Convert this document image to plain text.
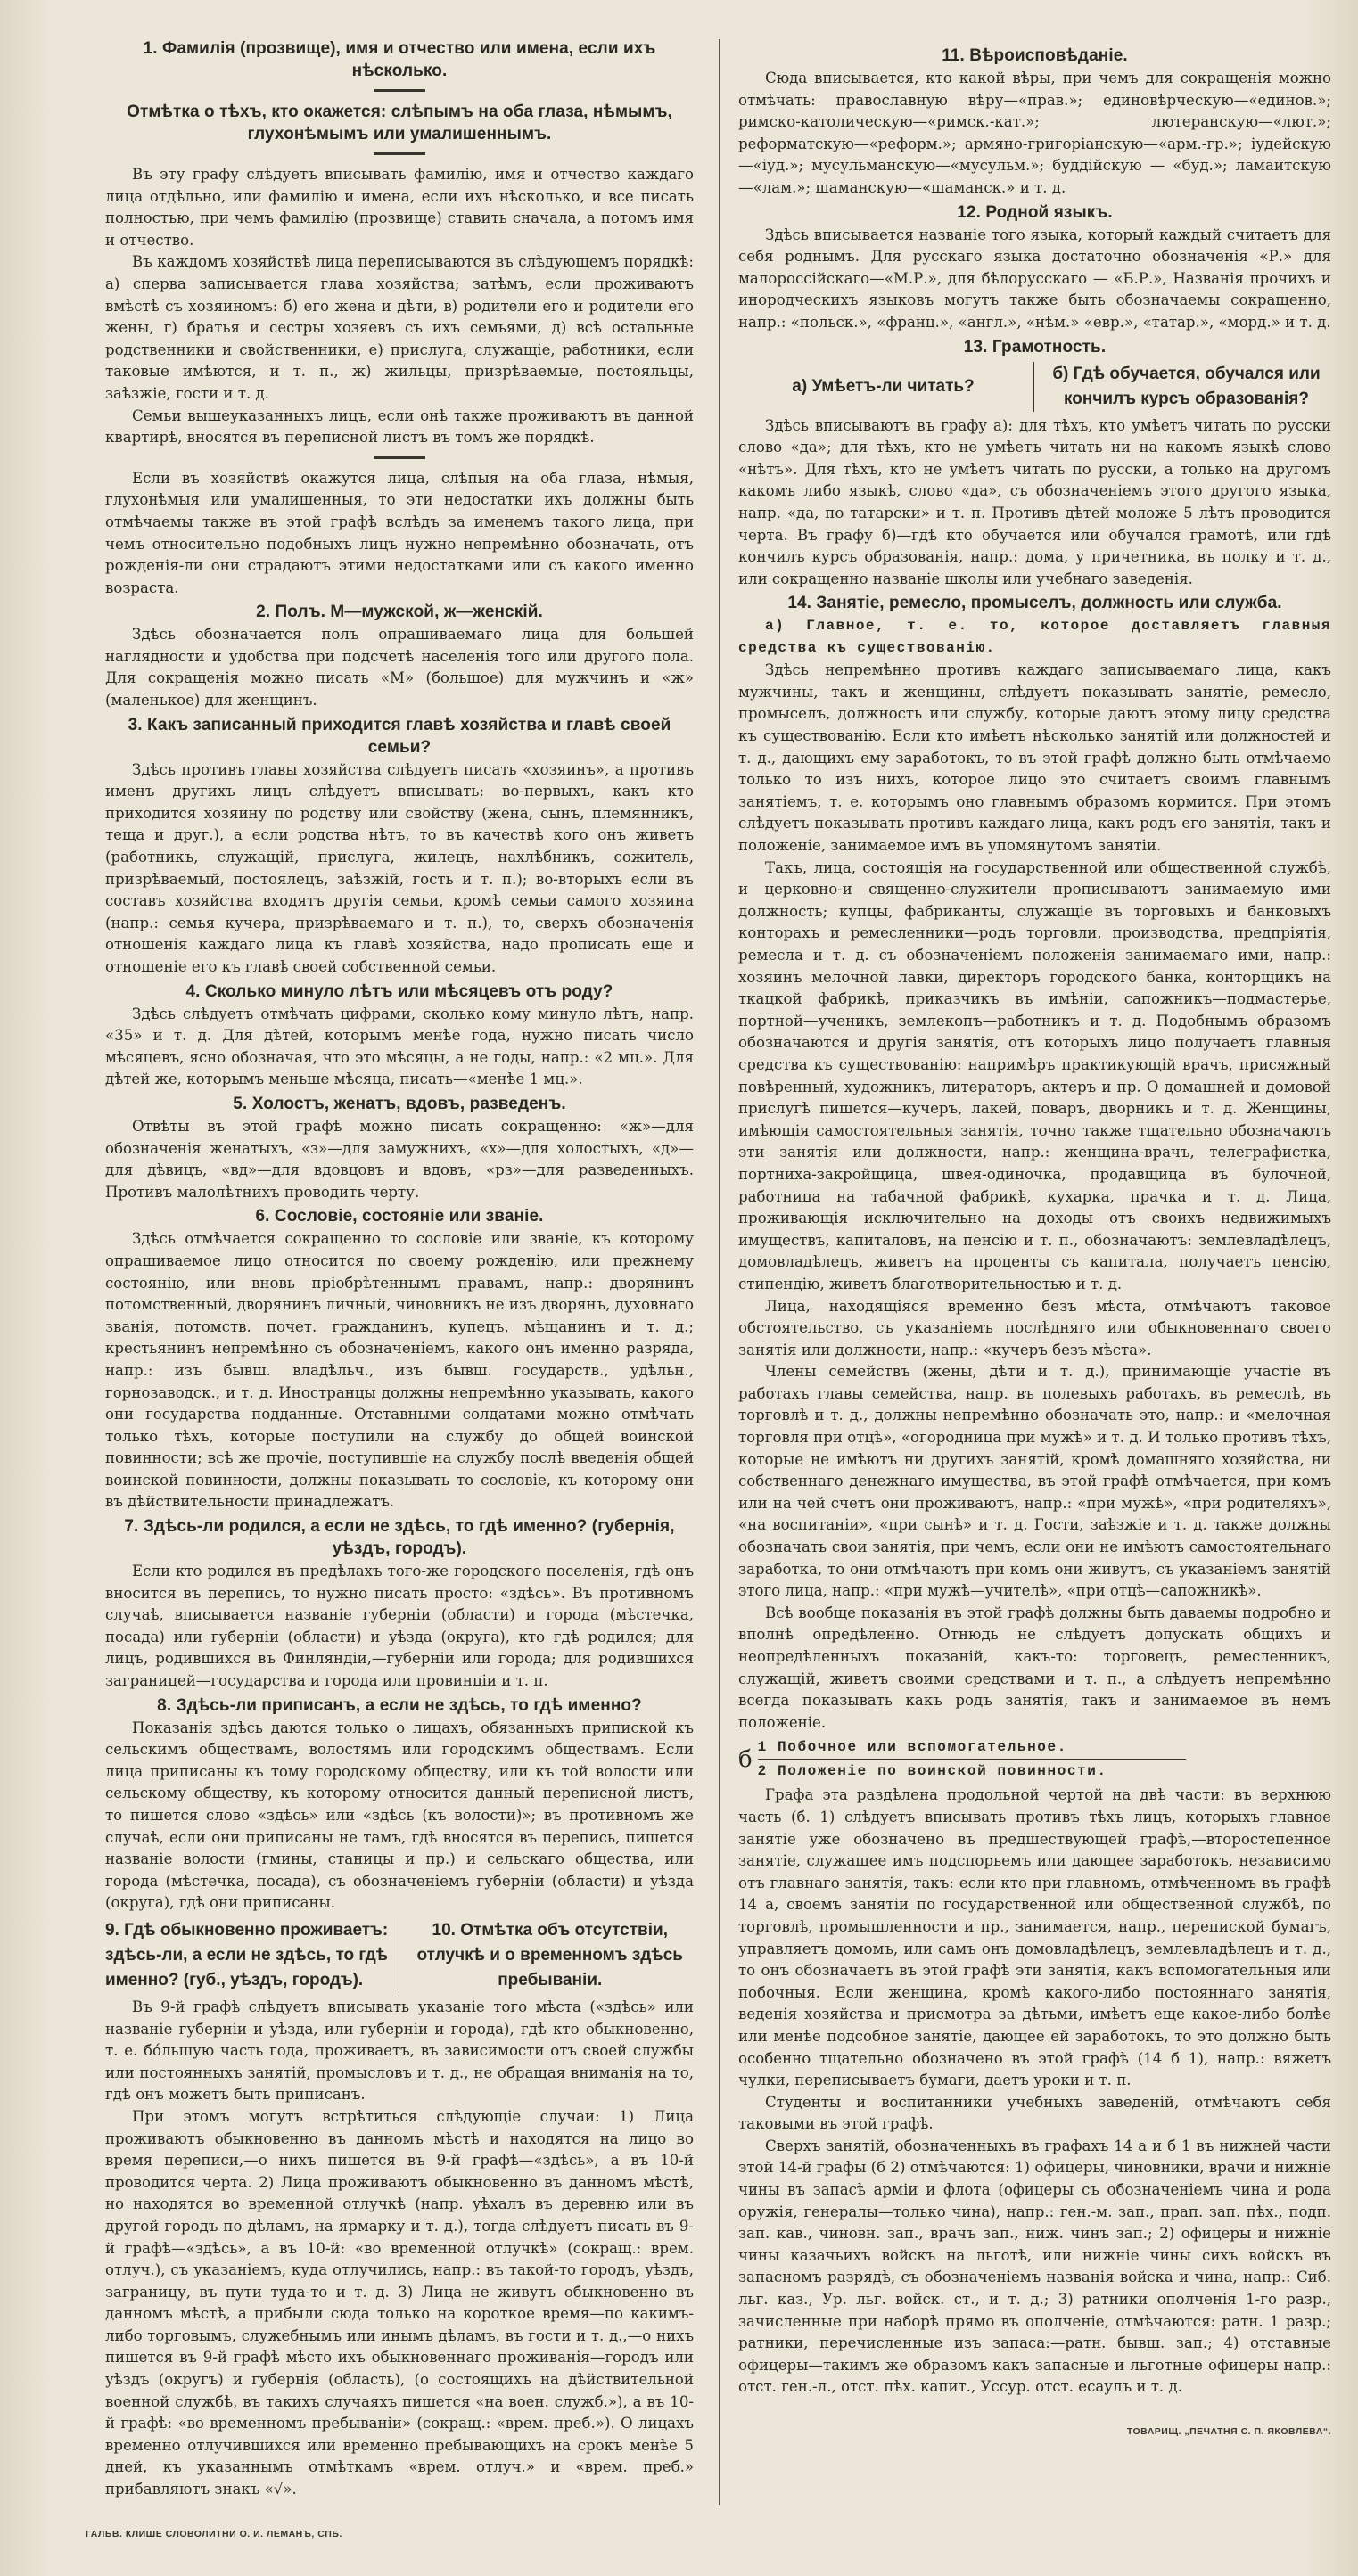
1. Фамилія (прозвище), имя и отчество или имена, если ихъ нѣсколько.
Отмѣтка о тѣхъ, кто окажется: слѣпымъ на оба глаза, нѣмымъ, глухонѣмымъ или умалишеннымъ.

Въ эту графу слѣдуетъ вписывать фамилію, имя и отчество каждаго лица отдѣльно, или фамилію и имена, если ихъ нѣсколько, и все писать полностью, при чемъ фамилію (прозвище) ставить сначала, а потомъ имя и отчество.

Въ каждомъ хозяйствѣ лица переписываются въ слѣдующемъ порядкѣ: а) сперва записывается глава хозяйства; затѣмъ, если проживаютъ вмѣстѣ съ хозяиномъ: б) его жена и дѣти, в) родители его и родители его жены, г) братья и сестры хозяевъ съ ихъ семьями, д) всѣ остальные родственники и свойственники, е) прислуга, служащіе, работники, если таковые имѣются, и т. п., ж) жильцы, призрѣваемые, постояльцы, заѣзжіе, гости и т. д.

Семьи вышеуказанныхъ лицъ, если онѣ также проживаютъ въ данной квартирѣ, вносятся въ переписной листъ въ томъ же порядкѣ.

Если въ хозяйствѣ окажутся лица, слѣпыя на оба глаза, нѣмыя, глухонѣмыя или умалишенныя, то эти недостатки ихъ должны быть отмѣчаемы также въ этой графѣ вслѣдъ за именемъ такого лица, при чемъ относительно подобныхъ лицъ нужно непремѣнно обозначать, отъ рожденія-ли они страдаютъ этими недостатками или съ какого именно возраста.

2. Полъ. М—мужской, ж—женскій.

Здѣсь обозначается полъ опрашиваемаго лица для большей наглядности и удобства при подсчетѣ населенія того или другого пола. Для сокращенія можно писать «М» (большое) для мужчинъ и «ж» (маленькое) для женщинъ.

3. Какъ записанный приходится главѣ хозяйства и главѣ своей семьи?

Здѣсь противъ главы хозяйства слѣдуетъ писать «хозяинъ», а противъ именъ другихъ лицъ слѣдуетъ вписывать: во-первыхъ, какъ кто приходится хозяину по родству или свойству (жена, сынъ, племянникъ, теща и друг.), а если родства нѣтъ, то въ качествѣ кого онъ живетъ (работникъ, служащій, прислуга, жилецъ, нахлѣбникъ, сожитель, призрѣваемый, постоялецъ, заѣзжій, гость и т. п.); во-вторыхъ если въ составъ хозяйства входятъ другія семьи, кромѣ семьи самого хозяина (напр.: семья кучера, призрѣваемаго и т. п.), то, сверхъ обозначенія отношенія каждаго лица къ главѣ хозяйства, надо прописать еще и отношеніе его къ главѣ своей собственной семьи.

4. Сколько минуло лѣтъ или мѣсяцевъ отъ роду?

Здѣсь слѣдуетъ отмѣчать цифрами, сколько кому минуло лѣтъ, напр. «35» и т. д. Для дѣтей, которымъ менѣе года, нужно писать число мѣсяцевъ, ясно обозначая, что это мѣсяцы, а не годы, напр.: «2 мц.». Для дѣтей же, которымъ меньше мѣсяца, писать—«менѣе 1 мц.».

5. Холостъ, женатъ, вдовъ, разведенъ.

Отвѣты въ этой графѣ можно писать сокращенно: «ж»—для обозначенія женатыхъ, «з»—для замужнихъ, «х»—для холостыхъ, «д»—для дѣвицъ, «вд»—для вдовцовъ и вдовъ, «рз»—для разведенныхъ. Противъ малолѣтнихъ проводить черту.

6. Сословіе, состояніе или званіе.

Здѣсь отмѣчается сокращенно то сословіе или званіе, къ которому опрашиваемое лицо относится по своему рожденію, или прежнему состоянію, или вновь пріобрѣтеннымъ правамъ, напр.: дворянинъ потомственный, дворянинъ личный, чиновникъ не изъ дворянъ, духовнаго званія, потомств. почет. гражданинъ, купецъ, мѣщанинъ и т. д.; крестьянинъ непремѣнно съ обозначеніемъ, какого онъ именно разряда, напр.: изъ бывш. владѣльч., изъ бывш. государств., удѣльн., горнозаводск., и т. д. Иностранцы должны непремѣнно указывать, какого они государства подданные. Отставными солдатами можно отмѣчать только тѣхъ, которые поступили на службу до общей воинской повинности; всѣ же прочіе, поступившіе на службу послѣ введенія общей воинской повинности, должны показывать то сословіе, къ которому они въ дѣйствительности принадлежатъ.

7. Здѣсь-ли родился, а если не здѣсь, то гдѣ именно? (губернія, уѣздъ, городъ).

Если кто родился въ предѣлахъ того-же городского поселенія, гдѣ онъ вносится въ перепись, то нужно писать просто: «здѣсь». Въ противномъ случаѣ, вписывается названіе губерніи (области) и города (мѣстечка, посада) или губерніи (области) и уѣзда (округа), кто гдѣ родился; для лицъ, родившихся въ Финляндіи,—губерніи или города; для родившихся заграницей—государства и города или провинціи и т. п.

8. Здѣсь-ли приписанъ, а если не здѣсь, то гдѣ именно?

Показанія здѣсь даются только о лицахъ, обязанныхъ припиской къ сельскимъ обществамъ, волостямъ или городскимъ обществамъ. Если лица приписаны къ тому городскому обществу, или къ той волости или сельскому обществу, къ которому относится данный переписной листъ, то пишется слово «здѣсь» или «здѣсь (къ волости)»; въ противномъ же случаѣ, если они приписаны не тамъ, гдѣ вносятся въ перепись, пишется названіе волости (гмины, станицы и пр.) и сельскаго общества, или города (мѣстечка, посада), съ обозначеніемъ губерніи (области) и уѣзда (округа), гдѣ они приписаны.

9. Гдѣ обыкновенно проживаетъ: здѣсь-ли, а если не здѣсь, то гдѣ именно? (губ., уѣздъ, городъ).
10. Отмѣтка объ отсутствіи, отлучкѣ и о временномъ здѣсь пребываніи.

Въ 9-й графѣ слѣдуетъ вписывать указаніе того мѣста («здѣсь» или названіе губерніи и уѣзда, или губерніи и города), гдѣ кто обыкновенно, т. е. бо́льшую часть года, проживаетъ, въ зависимости отъ своей службы или постоянныхъ занятій, промысловъ и т. д., не обращая вниманія на то, гдѣ онъ можетъ быть приписанъ.

При этомъ могутъ встрѣтиться слѣдующіе случаи: 1) Лица проживаютъ обыкновенно въ данномъ мѣстѣ и находятся на лицо во время переписи,—о нихъ пишется въ 9-й графѣ—«здѣсь», а въ 10-й проводится черта. 2) Лица проживаютъ обыкновенно въ данномъ мѣстѣ, но находятся во временной отлучкѣ (напр. уѣхалъ въ деревню или въ другой городъ по дѣламъ, на ярмарку и т. д.), тогда слѣдуетъ писать въ 9-й графѣ—«здѣсь», а въ 10-й: «во временной отлучкѣ» (сокращ.: врем. отлуч.), съ указаніемъ, куда отлучились, напр.: въ такой-то городъ, уѣздъ, заграницу, въ пути туда-то и т. д. 3) Лица не живутъ обыкновенно въ данномъ мѣстѣ, а прибыли сюда только на короткое время—по какимъ-либо торговымъ, служебнымъ или инымъ дѣламъ, въ гости и т. д.,—о нихъ пишется въ 9-й графѣ мѣсто ихъ обыкновеннаго проживанія—городъ или уѣздъ (округъ) и губернія (область), (о состоящихъ на дѣйствительной военной службѣ, въ такихъ случаяхъ пишется «на воен. служб.»), а въ 10-й графѣ: «во временномъ пребываніи» (сокращ.: «врем. преб.»). О лицахъ временно отлучившихся или временно пребывающихъ на срокъ менѣе 5 дней, къ указаннымъ отмѣткамъ «врем. отлуч.» и «врем. преб.» прибавляютъ знакъ «√».

ГАЛЬВ. КЛИШЕ СЛОВОЛИТНИ О. И. ЛЕМАНЪ, СПБ.
11. Вѣроисповѣданіе.

Сюда вписывается, кто какой вѣры, при чемъ для сокращенія можно отмѣчать: православную вѣру—«прав.»; единовѣрческую—«единов.»; римско-католическую—«римск.-кат.»; лютеранскую—«лют.»; реформатскую—«реформ.»; армяно-григоріанскую—«арм.-гр.»; іудейскую—«іуд.»; мусульманскую—«мусульм.»; буддійскую — «буд.»; ламаитскую—«лам.»; шаманскую—«шаманск.» и т. д.

12. Родной языкъ.

Здѣсь вписывается названіе того языка, который каждый считаетъ для себя роднымъ. Для русскаго языка достаточно обозначенія «Р.» для малороссійскаго—«М.Р.», для бѣлорусскаго — «Б.Р.», Названія прочихъ и инородческихъ языковъ могутъ также быть обозначаемы сокращенно, напр.: «польск.», «франц.», «англ.», «нѣм.» «евр.», «татар.», «морд.» и т. д.

13. Грамотность.
а) Умѣетъ-ли читать?
б) Гдѣ обучается, обучался или кончилъ курсъ образованія?

Здѣсь вписываютъ въ графу а): для тѣхъ, кто умѣетъ читать по русски слово «да»; для тѣхъ, кто не умѣетъ читать ни на какомъ языкѣ слово «нѣтъ». Для тѣхъ, кто не умѣетъ читать по русски, а только на другомъ какомъ либо языкѣ, слово «да», съ обозначеніемъ этого другого языка, напр. «да, по татарски» и т. п. Противъ дѣтей моложе 5 лѣтъ проводится черта. Въ графу б)—гдѣ кто обучается или обучался грамотѣ, или гдѣ кончилъ курсъ образованія, напр.: дома, у причетника, въ полку и т. д., или сокращенно названіе школы или учебнаго заведенія.

14. Занятіе, ремесло, промыселъ, должность или служба.

а) Главное, т. е. то, которое доставляетъ главныя средства къ существованію.

Здѣсь непремѣнно противъ каждаго записываемаго лица, какъ мужчины, такъ и женщины, слѣдуетъ показывать занятіе, ремесло, промыселъ, должность или службу, которые даютъ этому лицу средства къ существованію. Если кто имѣетъ нѣсколько занятій или должностей и т. д., дающихъ ему заработокъ, то въ этой графѣ должно быть отмѣчаемо только то изъ нихъ, которое лицо это считаетъ своимъ главнымъ занятіемъ, т. е. которымъ оно главнымъ образомъ кормится. При этомъ слѣдуетъ показывать противъ каждаго лица, какъ родъ его занятія, такъ и положеніе, занимаемое имъ въ упомянутомъ занятіи.

Такъ, лица, состоящія на государственной или общественной службѣ, и церковно-и священно-служители прописываютъ занимаемую ими должность; купцы, фабриканты, служащіе въ торговыхъ и банковыхъ конторахъ и ремесленники—родъ торговли, производства, предпріятія, ремесла и т. д. съ обозначеніемъ положенія занимаемаго ими, напр.: хозяинъ мелочной лавки, директоръ городского банка, конторщикъ на ткацкой фабрикѣ, приказчикъ въ имѣніи, сапожникъ—подмастерье, портной—ученикъ, землекопъ—работникъ и т. д. Подобнымъ образомъ обозначаются и другія занятія, отъ которыхъ лицо получаетъ главныя средства къ существованію: напримѣръ практикующій врачъ, присяжный повѣренный, художникъ, литераторъ, актеръ и пр. О домашней и домовой прислугѣ пишется—кучеръ, лакей, поваръ, дворникъ и т. д. Женщины, имѣющія самостоятельныя занятія, точно также тщательно обозначаютъ эти занятія или должности, напр.: женщина-врачъ, телеграфистка, портниха-закройщица, швея-одиночка, продавщица въ булочной, работница на табачной фабрикѣ, кухарка, прачка и т. д. Лица, проживающія исключительно на доходы отъ своихъ недвижимыхъ имуществъ, капиталовъ, на пенсію и т. п., обозначаютъ: землевладѣлецъ, домовладѣлецъ, живетъ на проценты съ капитала, получаетъ пенсію, стипендію, живетъ благотворительностью и т. д.

Лица, находящіяся временно безъ мѣста, отмѣчаютъ таковое обстоятельство, съ указаніемъ послѣдняго или обыкновеннаго своего занятія или должности, напр.: «кучеръ безъ мѣста».

Члены семействъ (жены, дѣти и т. д.), принимающіе участіе въ работахъ главы семейства, напр. въ полевыхъ работахъ, въ ремеслѣ, въ торговлѣ и т. д., должны непремѣнно обозначать это, напр.: и «мелочная торговля при отцѣ», «огородница при мужѣ» и т. д. И только противъ тѣхъ, которые не имѣютъ ни другихъ занятій, кромѣ домашняго хозяйства, ни собственнаго денежнаго имущества, въ этой графѣ отмѣчается, при комъ или на чей счетъ они проживаютъ, напр.: «при мужѣ», «при родителяхъ», «на воспитаніи», «при сынѣ» и т. д. Гости, заѣзжіе и т. д. также должны обозначать свои занятія, при чемъ, если они не имѣютъ самостоятельнаго заработка, то они отмѣчаютъ при комъ они живутъ, съ указаніемъ занятій этого лица, напр.: «при мужѣ—учителѣ», «при отцѣ—сапожникѣ».

Всѣ вообще показанія въ этой графѣ должны быть даваемы подробно и вполнѣ опредѣленно. Отнюдь не слѣдуетъ допускать общихъ и неопредѣленныхъ показаній, какъ-то: торговецъ, ремесленникъ, служащій, живетъ своими средствами и т. п., а слѣдуетъ непремѣнно всегда показывать какъ родъ занятія, такъ и занимаемое въ немъ положеніе.

б 1 Побочное или вспомогательное.
2 Положеніе по воинской повинности.

Графа эта раздѣлена продольной чертой на двѣ части: въ верхнюю часть (б. 1) слѣдуетъ вписывать противъ тѣхъ лицъ, которыхъ главное занятіе уже обозначено въ предшествующей графѣ,—второстепенное занятіе, служащее имъ подспорьемъ или дающее заработокъ, независимо отъ главнаго занятія, такъ: если кто при главномъ, отмѣченномъ въ графѣ 14 а, своемъ занятіи по государственной или общественной службѣ, по торговлѣ, промышленности и пр., занимается, напр., перепиской бумагъ, управляетъ домомъ, или самъ онъ домовладѣлецъ, землевладѣлецъ и т. д., то онъ обозначаетъ въ этой графѣ эти занятія, какъ вспомогательныя или побочныя. Если женщина, кромѣ какого-либо постояннаго занятія, веденія хозяйства и присмотра за дѣтьми, имѣетъ еще какое-либо болѣе или менѣе подсобное занятіе, дающее ей заработокъ, то это должно быть особенно тщательно обозначено въ этой графѣ (14 б 1), напр.: вяжетъ чулки, переписываетъ бумаги, даетъ уроки и т. п.

Студенты и воспитанники учебныхъ заведеній, отмѣчаютъ себя таковыми въ этой графѣ.

Сверхъ занятій, обозначенныхъ въ графахъ 14 а и б 1 въ нижней части этой 14-й графы (б 2) отмѣчаются: 1) офицеры, чиновники, врачи и нижніе чины въ запасѣ арміи и флота (офицеры съ обозначеніемъ чина и рода оружія, генералы—только чина), напр.: ген.-м. зап., прап. зап. пѣх., подп. зап. кав., чиновн. зап., врачъ зап., ниж. чинъ зап.; 2) офицеры и нижніе чины казачьихъ войскъ на льготѣ, или нижніе чины сихъ войскъ въ запасномъ разрядѣ, съ обозначеніемъ названія войска и чина, напр.: Сиб. льг. каз., Ур. льг. войск. ст., и т. д.; 3) ратники ополченія 1-го разр., зачисленные при наборѣ прямо въ ополченіе, отмѣчаются: ратн. 1 разр.; ратники, перечисленные изъ запаса:—ратн. бывш. зап.; 4) отставные офицеры—такимъ же образомъ какъ запасные и льготные офицеры напр.: отст. ген.-л., отст. пѣх. капит., Уссур. отст. есаулъ и т. д.

ТОВАРИЩ. „ПЕЧАТНЯ С. П. ЯКОВЛЕВА“.
